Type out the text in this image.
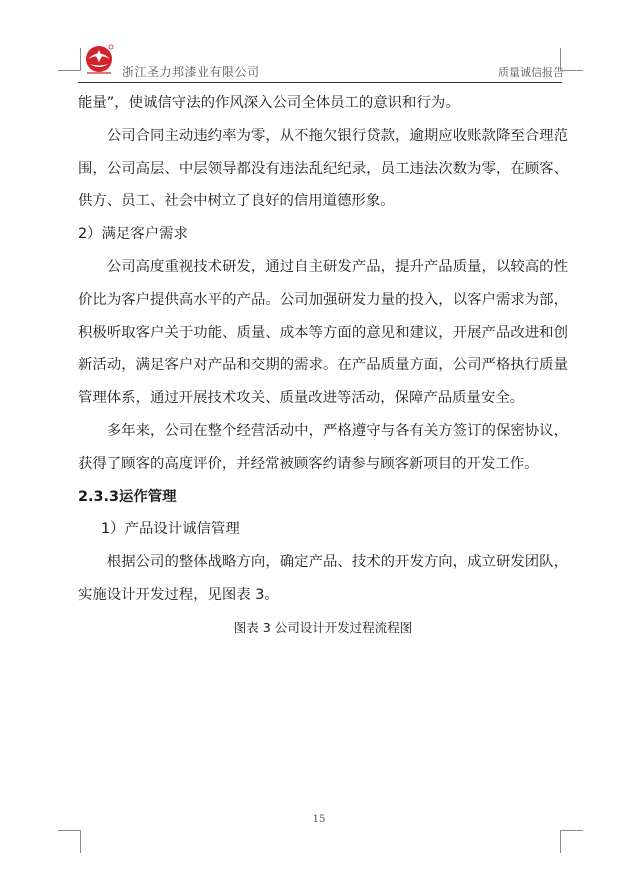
浙江圣力邦漆业有限公司	质量诚信报告

能量”，使诚信守法的作风深入公司全体员工的意识和行为。

公司合同主动违约率为零，从不拖欠银行贷款，逾期应收账款降至合理范围，公司高层、中层领导都没有违法乱纪纪录，员工违法次数为零，在顾客、供方、员工、社会中树立了良好的信用道德形象。

2）满足客户需求

公司高度重视技术研发，通过自主研发产品，提升产品质量，以较高的性价比为客户提供高水平的产品。公司加强研发力量的投入，以客户需求为部，积极听取客户关于功能、质量、成本等方面的意见和建议，开展产品改进和创新活动，满足客户对产品和交期的需求。在产品质量方面，公司严格执行质量管理体系，通过开展技术攻关、质量改进等活动，保障产品质量安全。

多年来，公司在整个经营活动中，严格遵守与各有关方签订的保密协议，获得了顾客的高度评价，并经常被顾客约请参与顾客新项目的开发工作。

2.3.3运作管理

1）产品设计诚信管理

根据公司的整体战略方向，确定产品、技术的开发方向，成立研发团队，实施设计开发过程，见图表 3。

图表 3 公司设计开发过程流程图

15
